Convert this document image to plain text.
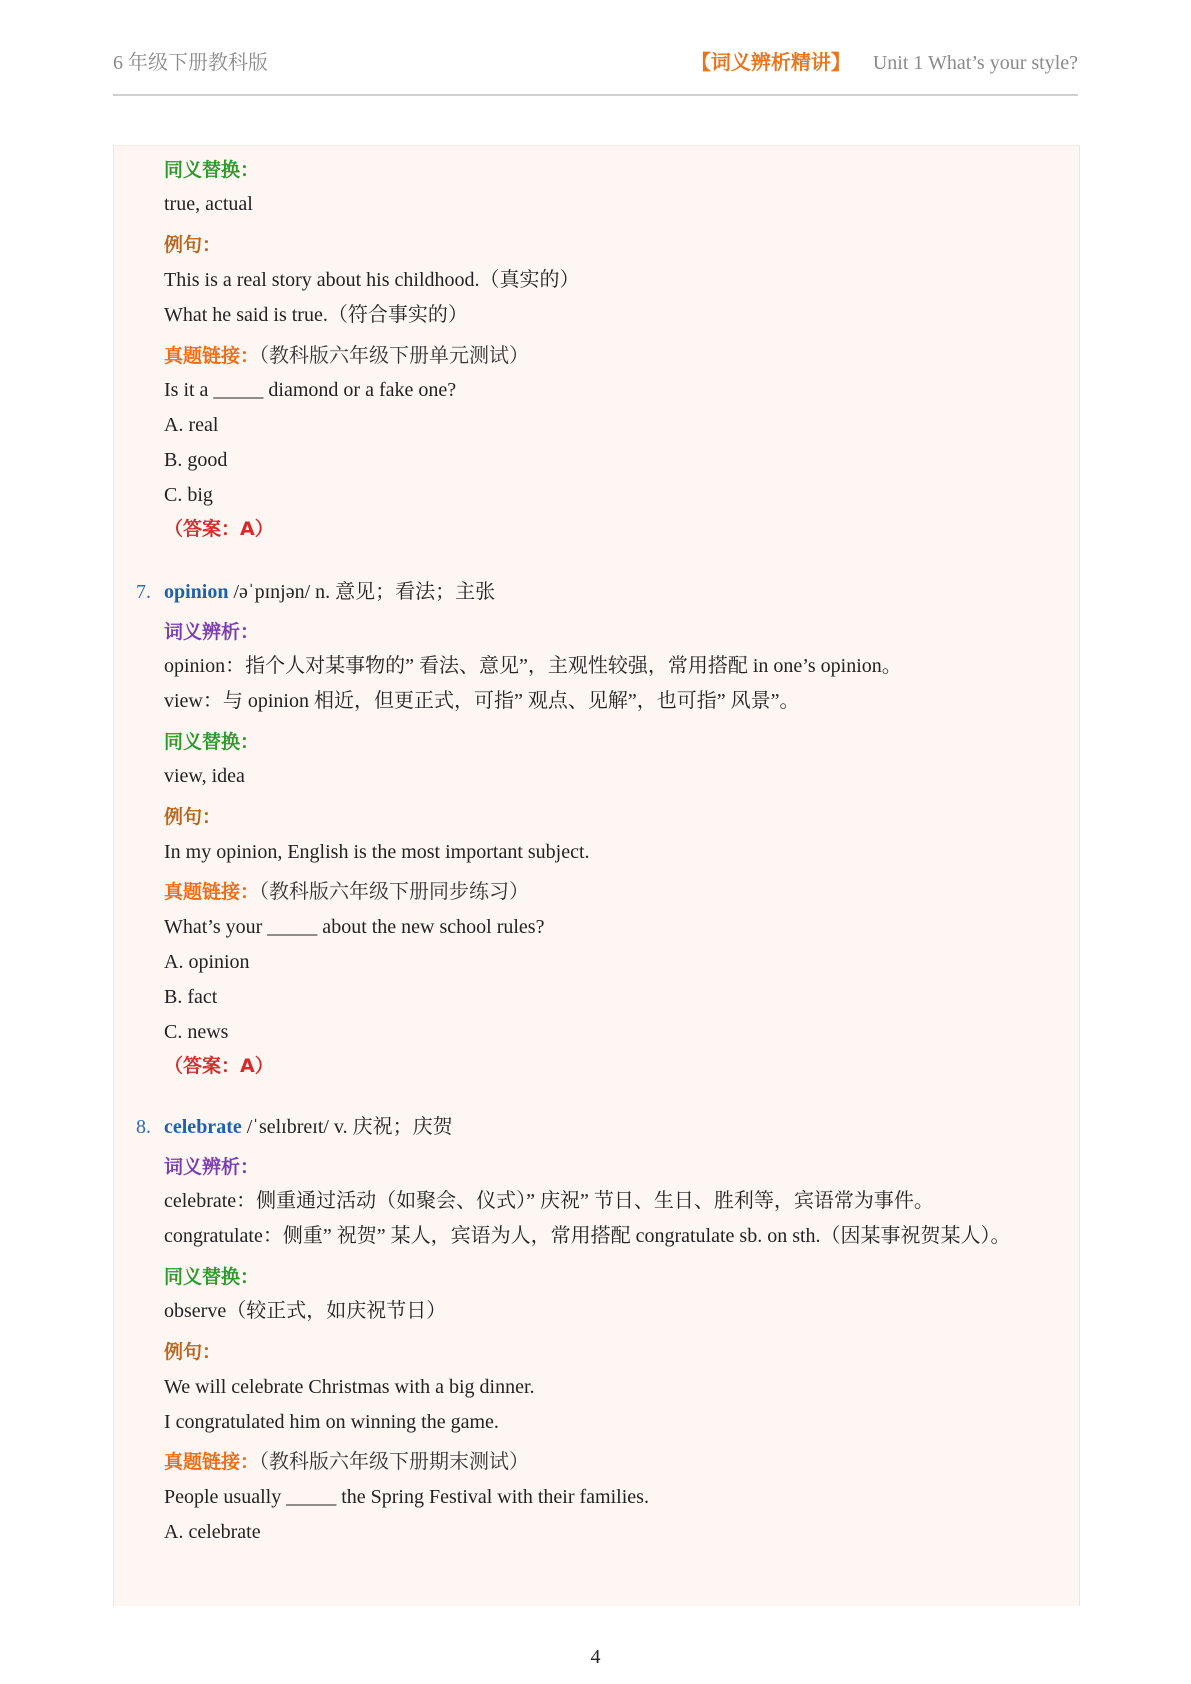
6 年级下册教科版	【词义辨析精讲】 Unit 1 What’s your style?
同义替换：
true, actual
例句：
This is a real story about his childhood.（真实的）
What he said is true.（符合事实的）
真题链接：（教科版六年级下册单元测试）
Is it a _____ diamond or a fake one?
A. real
B. good
C. big
（答案：A）
7. opinion /əˈpɪnjən/ n. 意见；看法；主张
词义辨析：
opinion：指个人对某事物的” 看法、意见”，主观性较强，常用搭配 in one’s opinion。
view：与 opinion 相近，但更正式，可指” 观点、见解”，也可指” 风景”。
同义替换：
view, idea
例句：
In my opinion, English is the most important subject.
真题链接：（教科版六年级下册同步练习）
What’s your _____ about the new school rules?
A. opinion
B. fact
C. news
（答案：A）
8. celebrate /ˈselɪbreɪt/ v. 庆祝；庆贺
词义辨析：
celebrate：侧重通过活动（如聚会、仪式）” 庆祝” 节日、生日、胜利等，宾语常为事件。
congratulate：侧重” 祝贺” 某人，宾语为人，常用搭配 congratulate sb. on sth.（因某事祝贺某人）。
同义替换：
observe（较正式，如庆祝节日）
例句：
We will celebrate Christmas with a big dinner.
I congratulated him on winning the game.
真题链接：（教科版六年级下册期末测试）
People usually _____ the Spring Festival with their families.
A. celebrate
4
